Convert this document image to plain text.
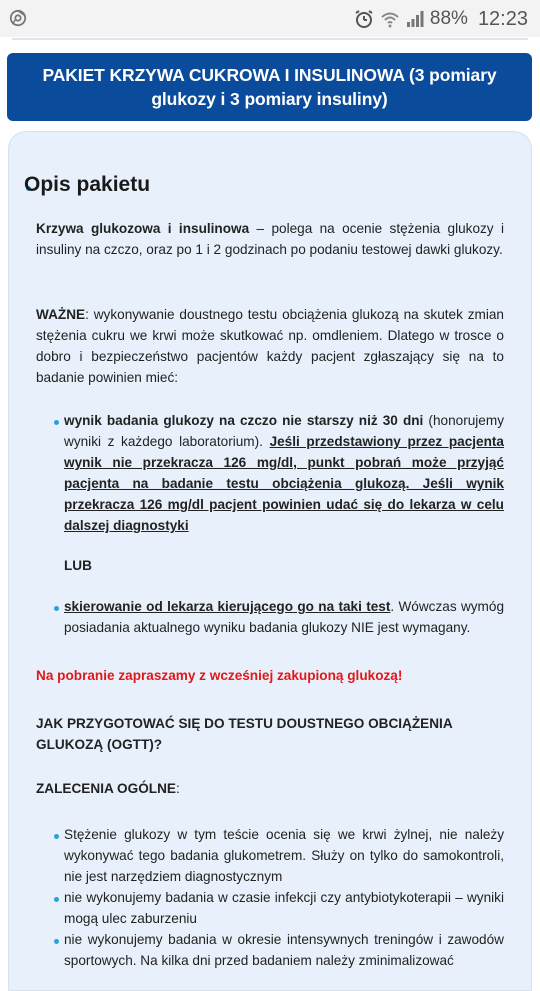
88% 12:23
PAKIET KRZYWA CUKROWA I INSULINOWA (3 pomiary glukozy i 3 pomiary insuliny)
Opis pakietu
Krzywa glukozowa i insulinowa – polega na ocenie stężenia glukozy i insuliny na czczo, oraz po 1 i 2 godzinach po podaniu testowej dawki glukozy.
WAŻNE: wykonywanie doustnego testu obciążenia glukozą na skutek zmian stężenia cukru we krwi może skutkować np. omdleniem. Dlatego w trosce o dobro i bezpieczeństwo pacjentów każdy pacjent zgłaszający się na to badanie powinien mieć:
wynik badania glukozy na czczo nie starszy niż 30 dni (honorujemy wyniki z każdego laboratorium). Jeśli przedstawiony przez pacjenta wynik nie przekracza 126 mg/dl, punkt pobrań może przyjąć pacjenta na badanie testu obciążenia glukozą. Jeśli wynik przekracza 126 mg/dl pacjent powinien udać się do lekarza w celu dalszej diagnostyki
LUB
skierowanie od lekarza kierującego go na taki test. Wówczas wymóg posiadania aktualnego wyniku badania glukozy NIE jest wymagany.
Na pobranie zapraszamy z wcześniej zakupioną glukozą!
JAK PRZYGOTOWAĆ SIĘ DO TESTU DOUSTNEGO OBCIĄŻENIA GLUKOZĄ (OGTT)?
ZALECENIA OGÓLNE:
Stężenie glukozy w tym teście ocenia się we krwi żylnej, nie należy wykonywać tego badania glukometrem. Służy on tylko do samokontroli, nie jest narzędziem diagnostycznym
nie wykonujemy badania w czasie infekcji czy antybiotykoterapii – wyniki mogą ulec zaburzeniu
nie wykonujemy badania w okresie intensywnych treningów i zawodów sportowych. Na kilka dni przed badaniem należy zminimalizować
